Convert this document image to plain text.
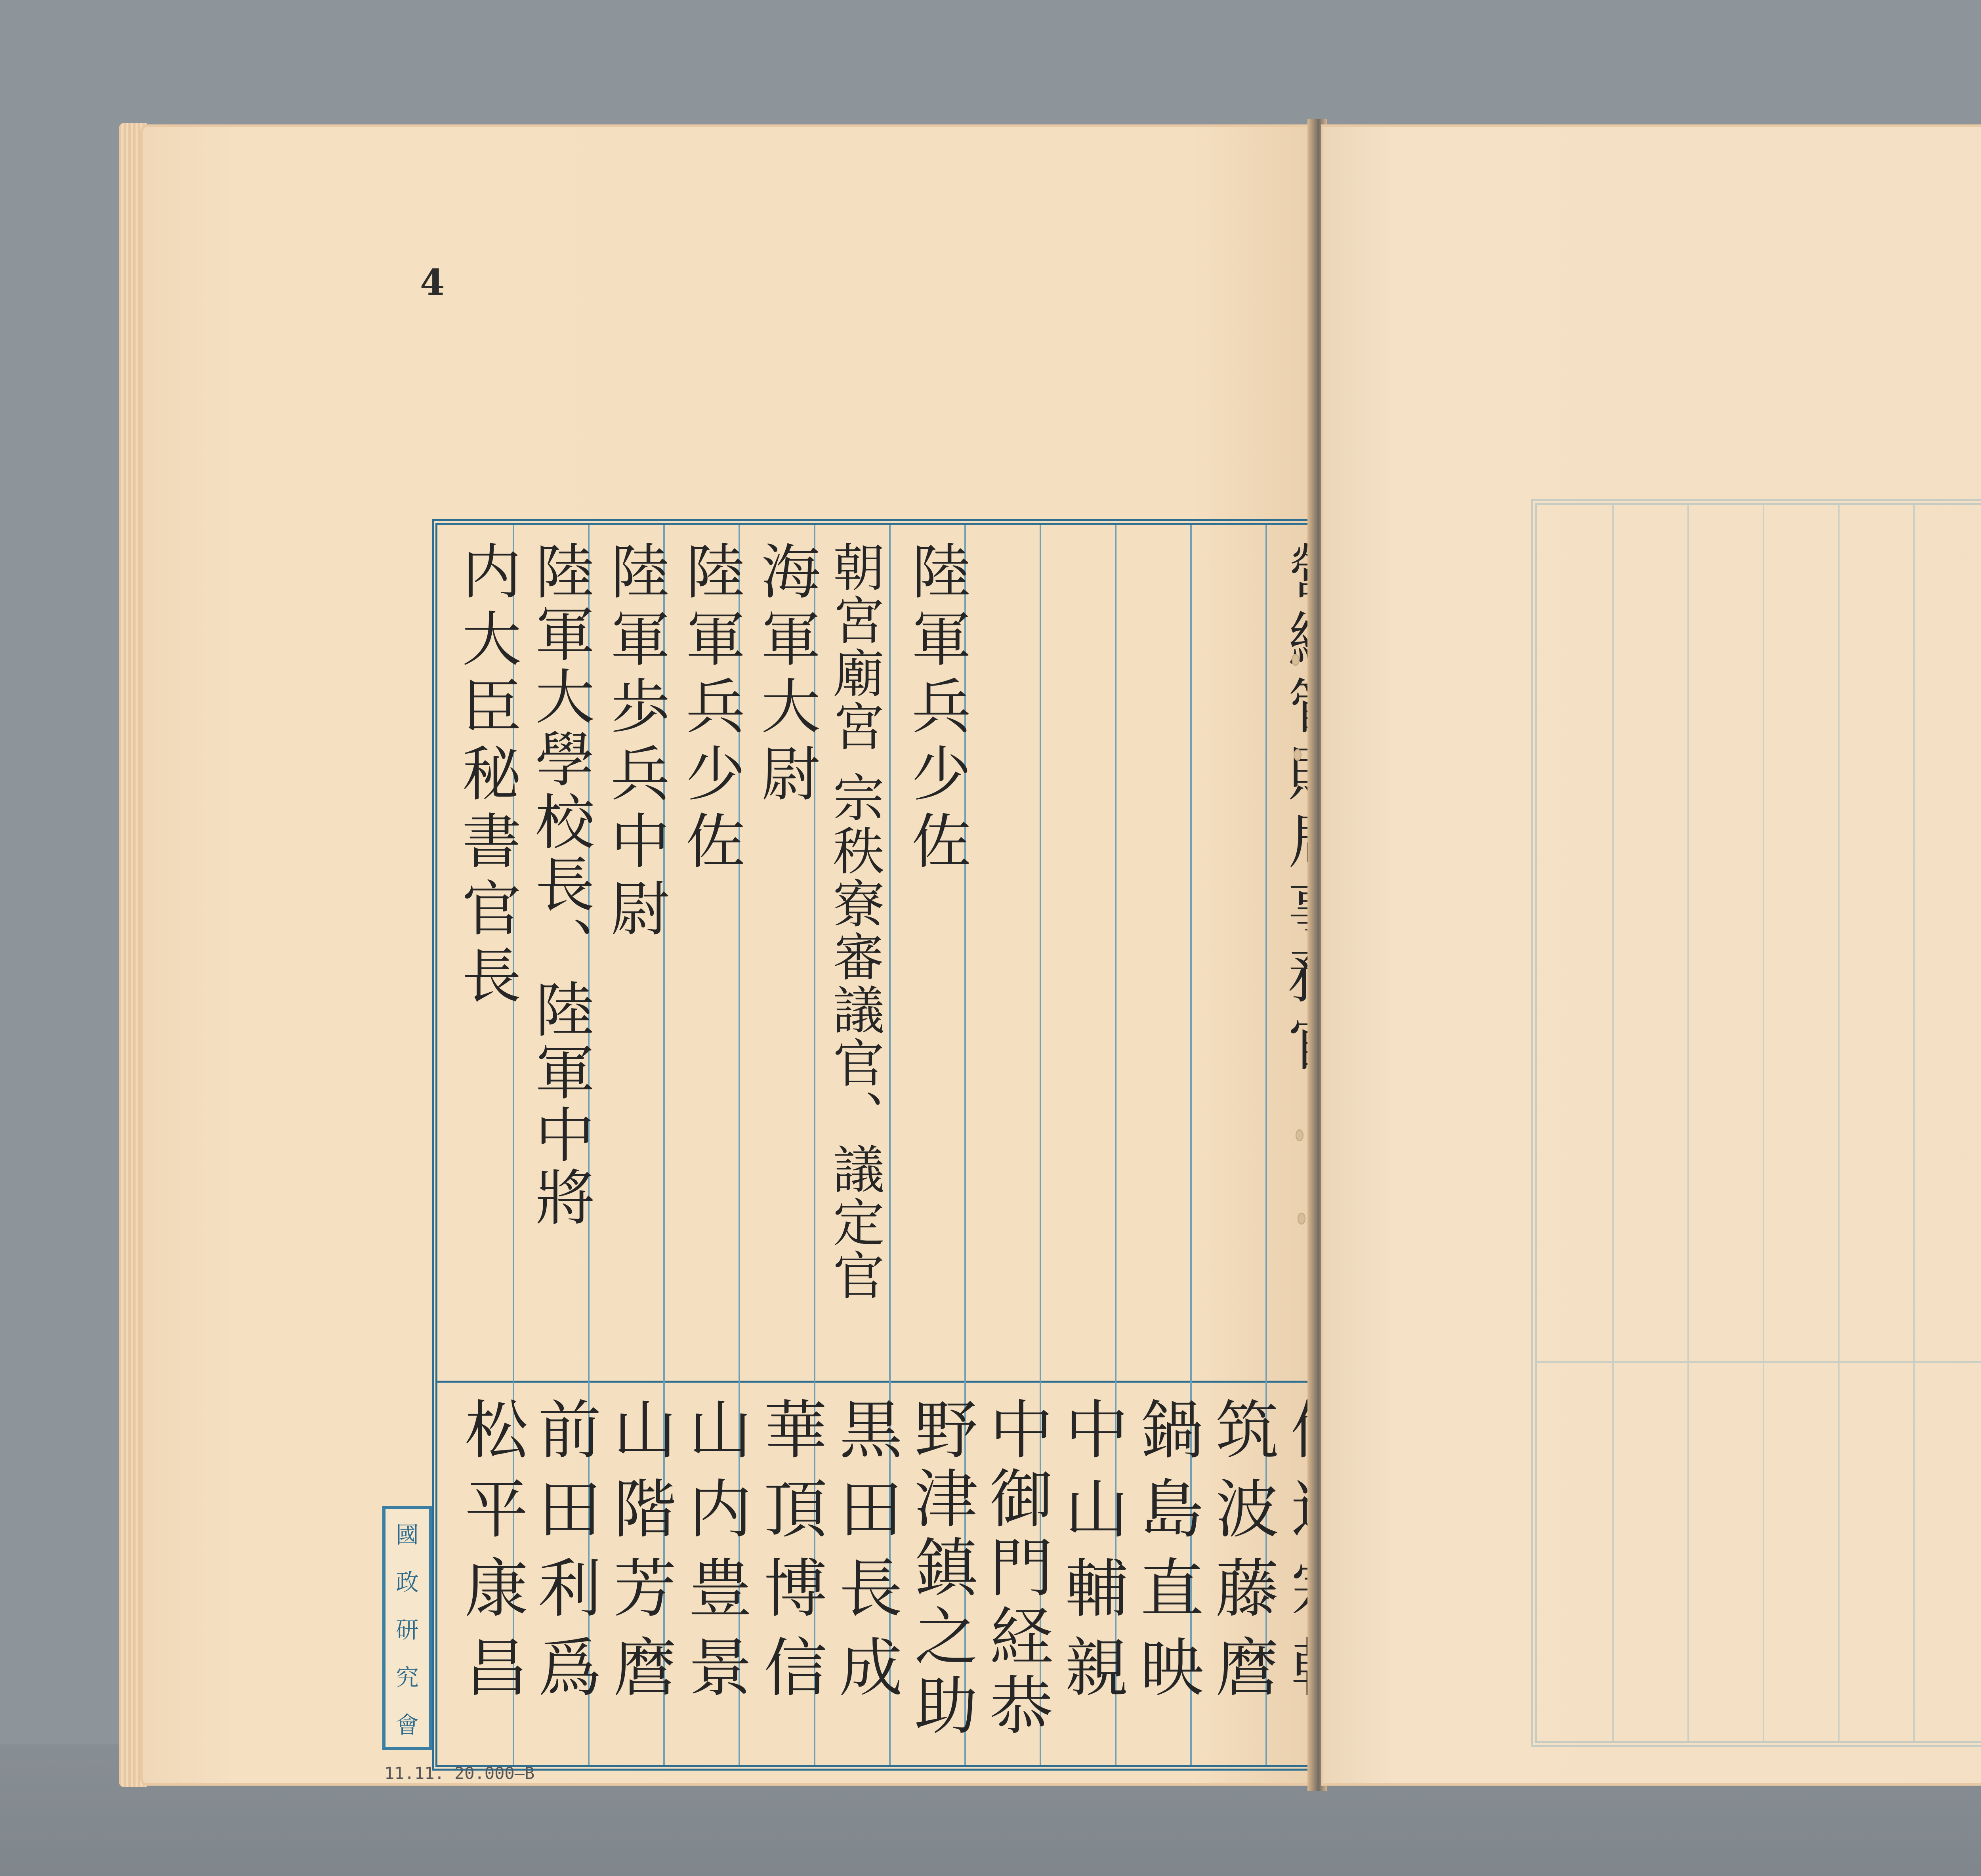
4
筑波藤麿
鍋島直映
中山輔親
中御門経恭
陸軍兵少佐
野津鎮之助
朝宮廟宮 宗秩寮審議官、議定官
黒田長成
海軍大尉
華頂博信
陸軍兵少佐
山内豊景
陸軍歩兵中尉
山階芳麿
陸軍大學校長、陸軍中將
前田利爲
内大臣秘書官長
松平康昌
國
政
研
究
會
11.11. 20.000—B
